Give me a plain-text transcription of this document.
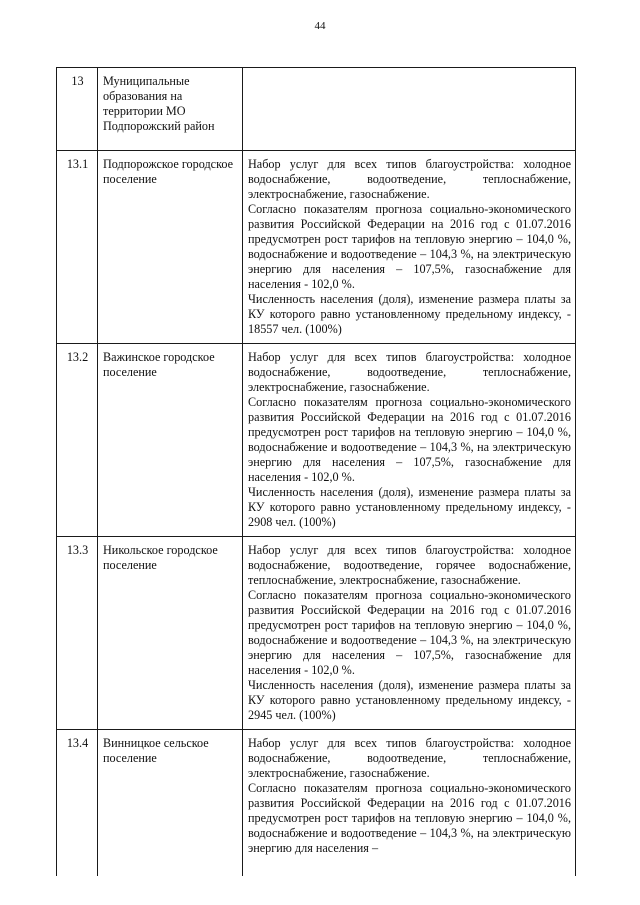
44
13	Муниципальные образования на территории МО Подпорожский район	
13.1	Подпорожское городское поселение	Набор услуг для всех типов благоустройства: холодное водоснабжение, водоотведение, теплоснабжение, электроснабжение, газоснабжение.

Согласно показателям прогноза социально-экономического развития Российской Федерации на 2016 год с 01.07.2016 предусмотрен рост тарифов на тепловую энергию – 104,0 %, водоснабжение и водоотведение – 104,3 %, на электрическую энергию для населения – 107,5%, газоснабжение для населения - 102,0 %.

Численность населения (доля), изменение размера платы за КУ которого равно установленному предельному индексу, - 18557 чел. (100%)

13.2	Важинское городское поселение	Набор услуг для всех типов благоустройства: холодное водоснабжение, водоотведение, теплоснабжение, электроснабжение, газоснабжение.

Согласно показателям прогноза социально-экономического развития Российской Федерации на 2016 год с 01.07.2016 предусмотрен рост тарифов на тепловую энергию – 104,0 %, водоснабжение и водоотведение – 104,3 %, на электрическую энергию для населения – 107,5%, газоснабжение для населения - 102,0 %.

Численность населения (доля), изменение размера платы за КУ которого равно установленному предельному индексу, - 2908 чел. (100%)

13.3	Никольское городское поселение	Набор услуг для всех типов благоустройства: холодное водоснабжение, водоотведение, горячее водоснабжение, теплоснабжение, электроснабжение, газоснабжение.

Согласно показателям прогноза социально-экономического развития Российской Федерации на 2016 год с 01.07.2016 предусмотрен рост тарифов на тепловую энергию – 104,0 %, водоснабжение и водоотведение – 104,3 %, на электрическую энергию для населения – 107,5%, газоснабжение для населения - 102,0 %.

Численность населения (доля), изменение размера платы за КУ которого равно установленному предельному индексу, - 2945 чел. (100%)

13.4	Винницкое сельское поселение	Набор услуг для всех типов благоустройства: холодное водоснабжение, водоотведение, теплоснабжение, электроснабжение, газоснабжение.

Согласно показателям прогноза социально-экономического развития Российской Федерации на 2016 год с 01.07.2016 предусмотрен рост тарифов на тепловую энергию – 104,0 %, водоснабжение и водоотведение – 104,3 %, на электрическую энергию для населения –
